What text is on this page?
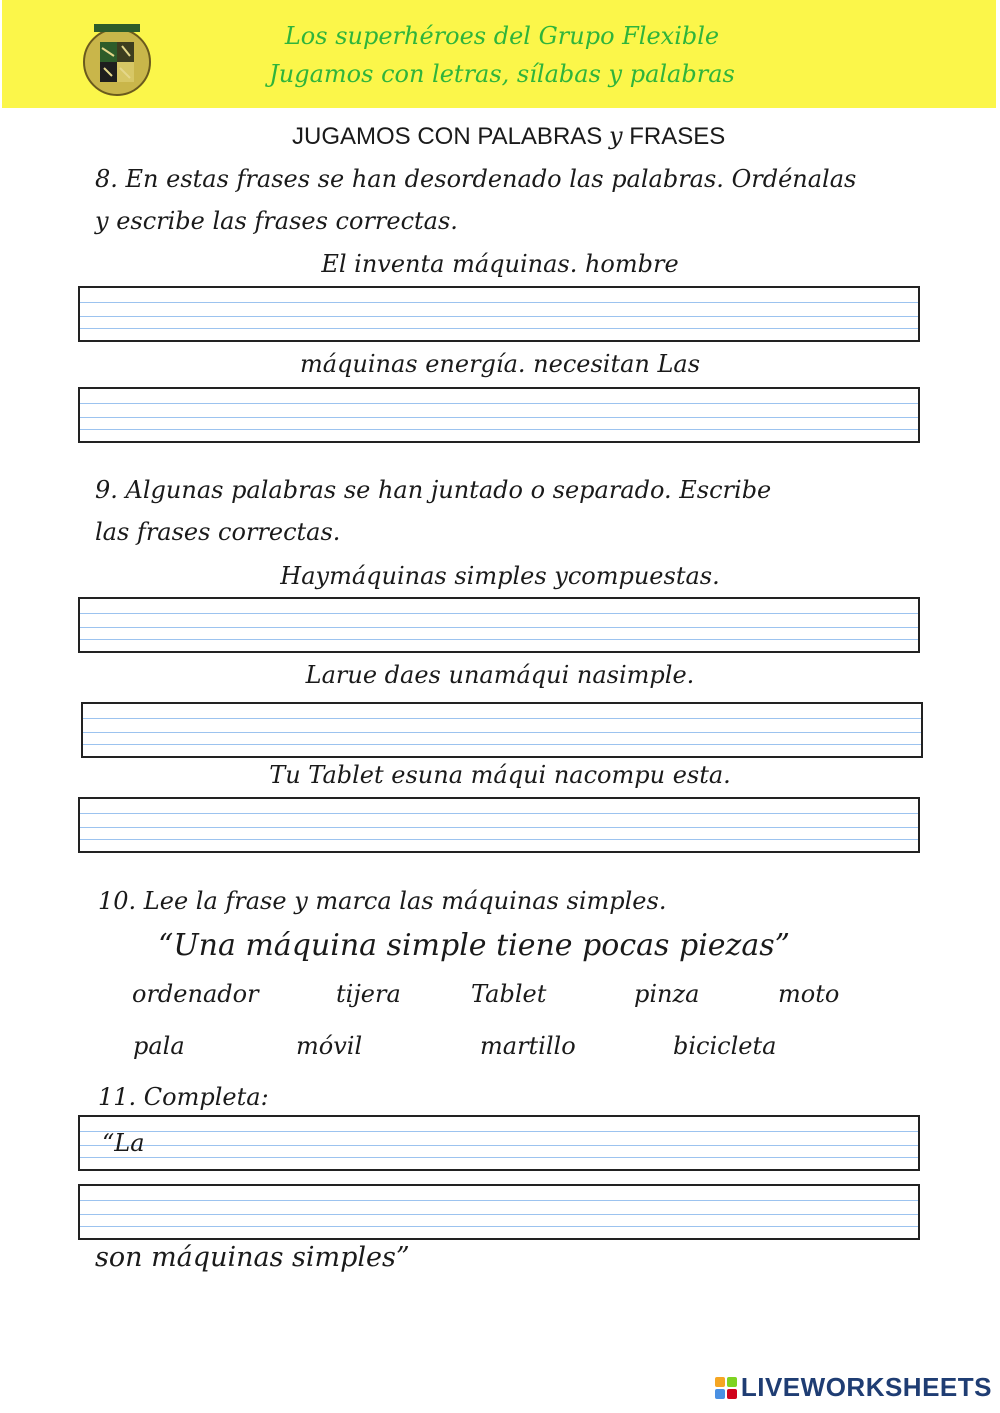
Los superhéroes del Grupo Flexible
Jugamos con letras, sílabas y palabras
JUGAMOS CON PALABRAS y FRASES
8. En estas frases se han desordenado las palabras. Ordénalas
y escribe las frases correctas.
El inventa máquinas. hombre
máquinas energía. necesitan Las
9. Algunas palabras se han juntado o separado. Escribe
las frases correctas.
Haymáquinas simples ycompuestas.
Larue daes unamáqui nasimple.
Tu Tablet esuna máqui nacompu esta.
10. Lee la frase y marca las máquinas simples.
“Una máquina simple tiene pocas piezas”
ordenador	tijera	Tablet	pinza	moto
pala	móvil	martillo	bicicleta
11. Completa:
“La
son máquinas simples”
LIVEWORKSHEETS
